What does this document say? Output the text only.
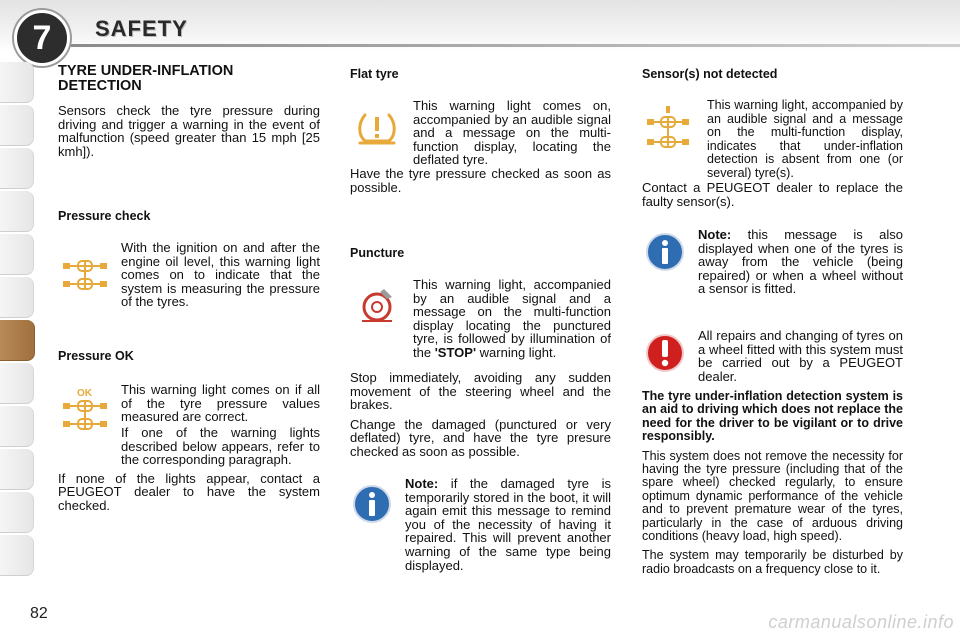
7 SAFETY
TYRE UNDER-INFLATION DETECTION

Sensors check the tyre pressure during driving and trigger a warning in the event of malfunction (speed greater than 15 mph [25 kmh]).

Pressure check

With the ignition on and after the engine oil level, this warning light comes on to indicate that the system is measuring the pressure of the tyres.

Pressure OK
OK This warning light comes on if all of the tyre pressure values measured are correct.

If one of the warning lights described below appears, refer to the corresponding paragraph.

If none of the lights appear, contact a PEUGEOT dealer to have the system checked.

Flat tyre

This warning light comes on, accompanied by an audible signal and a message on the multi-function display, locating the deflated tyre.

Have the tyre pressure checked as soon as possible.

Puncture

This warning light, accompanied by an audible signal and a message on the multi-function display locating the punctured tyre, is followed by illumination of the 'STOP' warning light.

Stop immediately, avoiding any sudden movement of the steering wheel and the brakes.

Change the damaged (punctured or very deflated) tyre, and have the tyre presure checked as soon as possible.

Note: if the damaged tyre is temporarily stored in the boot, it will again emit this message to remind you of the necessity of having it repaired. This will prevent another warning of the same type being displayed.

Sensor(s) not detected

This warning light, accompanied by an audible signal and a message on the multi-function display, indicates that under-inflation detection is absent from one (or several) tyre(s).

Contact a PEUGEOT dealer to replace the faulty sensor(s).

Note: this message is also displayed when one of the tyres is away from the vehicle (being repaired) or when a wheel without a sensor is fitted.

All repairs and changing of tyres on a wheel fitted with this system must be carried out by a PEUGEOT dealer.

The tyre under-inflation detection system is an aid to driving which does not replace the need for the driver to be vigilant or to drive responsibly.

This system does not remove the necessity for having the tyre pressure (including that of the spare wheel) checked regularly, to ensure optimum dynamic performance of the vehicle and to prevent premature wear of the tyres, particularly in the case of arduous driving conditions (heavy load, high speed).

The system may temporarily be disturbed by radio broadcasts on a frequency close to it.

82	carmanualsonline.info
